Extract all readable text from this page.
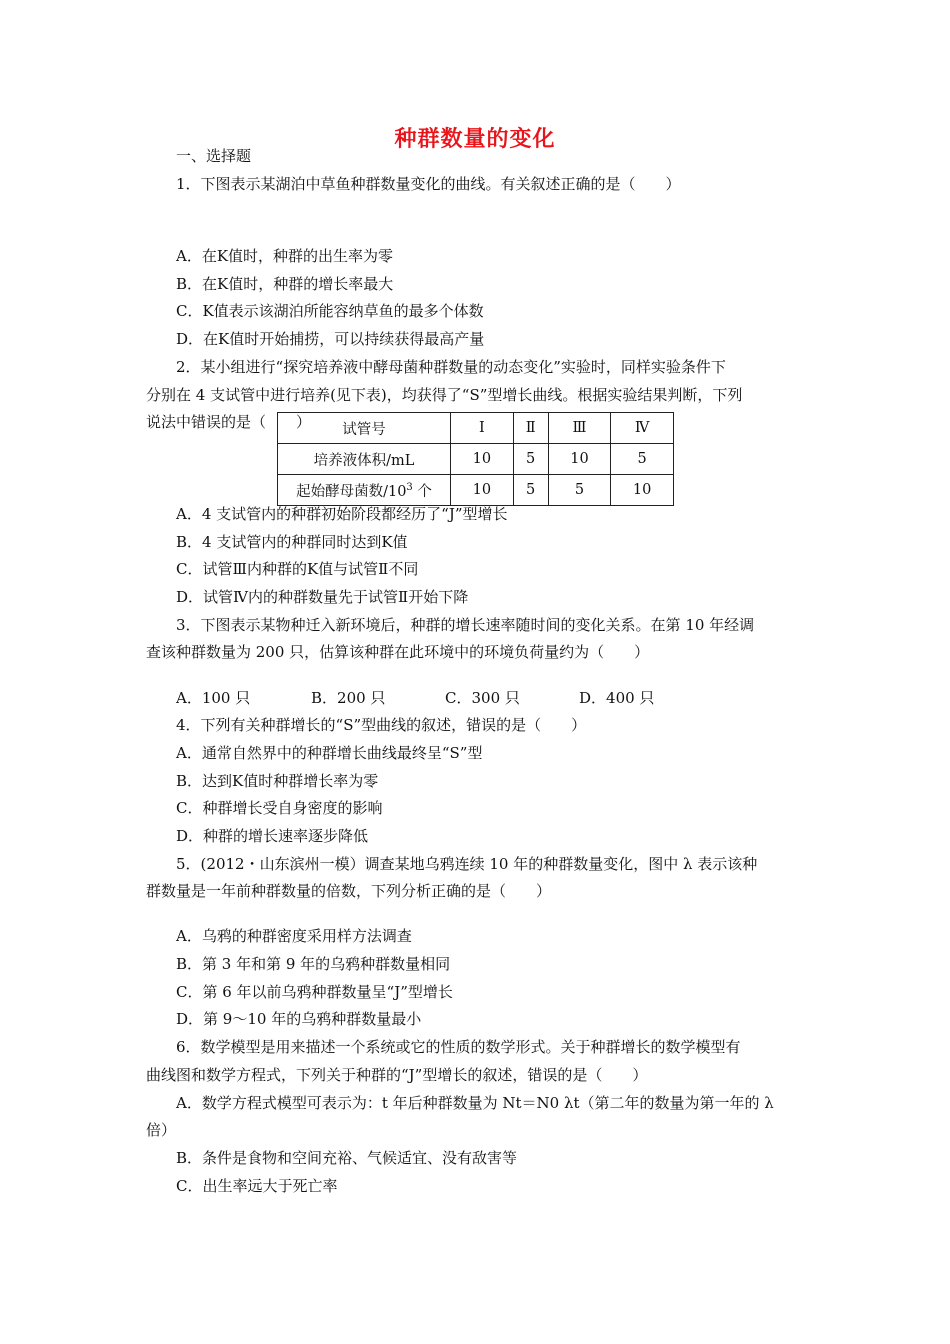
种群数量的变化
一、选择题
1．下图表示某湖泊中草鱼种群数量变化的曲线。有关叙述正确的是（　　）
A．在K值时，种群的出生率为零
B．在K值时，种群的增长率最大
C．K值表示该湖泊所能容纳草鱼的最多个体数
D．在K值时开始捕捞，可以持续获得最高产量
2．某小组进行“探究培养液中酵母菌种群数量的动态变化”实验时，同样实验条件下
分别在 4 支试管中进行培养(见下表)，均获得了“S”型增长曲线。根据实验结果判断，下列
说法中错误的是（　　） 试管号	Ⅰ	Ⅱ	Ⅲ	Ⅳ
培养液体积/mL	10	5	10	5
起始酵母菌数$/10^3$ 个	10	5	5	10
A．4 支试管内的种群初始阶段都经历了“J”型增长
B．4 支试管内的种群同时达到K值
C．试管Ⅲ内种群的K值与试管Ⅱ不同
D．试管Ⅳ内的种群数量先于试管Ⅱ开始下降
3．下图表示某物种迁入新环境后，种群的增长速率随时间的变化关系。在第 10 年经调
查该种群数量为 200 只，估算该种群在此环境中的环境负荷量约为（　　）
A．100 只	B．200 只	C．300 只	D．400 只
4．下列有关种群增长的“S”型曲线的叙述，错误的是（　　）
A．通常自然界中的种群增长曲线最终呈“S”型
B．达到K值时种群增长率为零
C．种群增长受自身密度的影响
D．种群的增长速率逐步降低
5．(2012・山东滨州一模）调查某地乌鸦连续 10 年的种群数量变化，图中 λ 表示该种
群数量是一年前种群数量的倍数，下列分析正确的是（　　）
A．乌鸦的种群密度采用样方法调查
B．第 3 年和第 9 年的乌鸦种群数量相同
C．第 6 年以前乌鸦种群数量呈“J”型增长
D．第 9～10 年的乌鸦种群数量最小
6．数学模型是用来描述一个系统或它的性质的数学形式。关于种群增长的数学模型有
曲线图和数学方程式，下列关于种群的“J”型增长的叙述，错误的是（　　）
A．数学方程式模型可表示为：t 年后种群数量为 Nt＝N0 λt（第二年的数量为第一年的 λ
倍）
B．条件是食物和空间充裕、气候适宜、没有敌害等
C．出生率远大于死亡率
